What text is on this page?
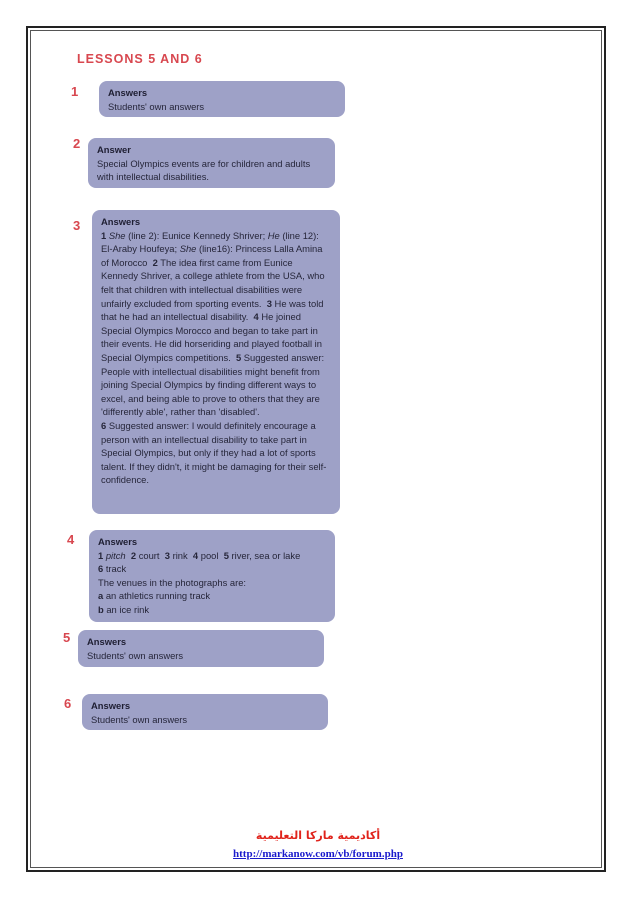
LESSONS 5 AND 6
1	Answers
Students' own answers
2 Answer
Special Olympics events are for children and adults with intellectual disabilities.
3 Answers

1 She (line 2): Eunice Kennedy Shriver; He (line 12): El-Araby Houfeya; She (line16): Princess Lalla Amina of Morocco 2 The idea first came from Eunice Kennedy Shriver, a college athlete from the USA, who felt that children with intellectual disabilities were unfairly excluded from sporting events. 3 He was told that he had an intellectual disability. 4 He joined Special Olympics Morocco and began to take part in their events. He did horseriding and played football in Special Olympics competitions. 5 Suggested answer: People with intellectual disabilities might benefit from joining Special Olympics by finding different ways to excel, and being able to prove to others that they are 'differently able', rather than 'disabled'.

6 Suggested answer: I would definitely encourage a person with an intellectual disability to take part in Special Olympics, but only if they had a lot of sports talent. If they didn't, it might be damaging for their self-confidence.

4	Answers

1 pitch 2 court 3 rink 4 pool 5 river, sea or lake
6 track

The venues in the photographs are:

a an athletics running track

b an ice rink

5 Answers
Students' own answers
6 Answers
Students' own answers
أكاديمية ماركا التعليمية
http://markanow.com/vb/forum.php
